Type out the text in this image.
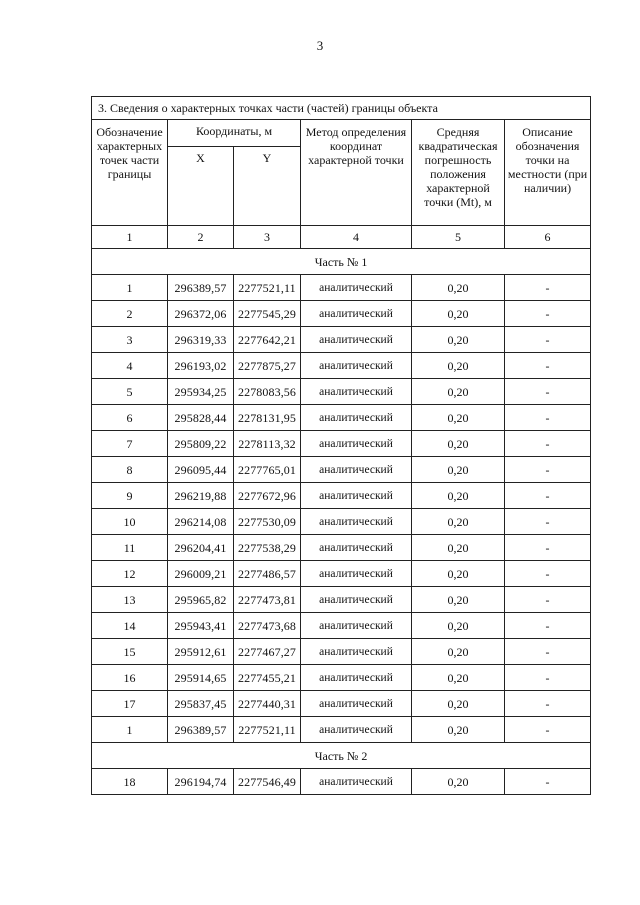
3
3. Сведения о характерных точках части (частей) границы объекта					
Обозначение характерных точек части границы	Координаты, м		Метод определения координат характерной точки	Средняя квадратическая погрешность положения характерной точки (Mt), м	Описание обозначения точки на местности (при наличии)
	X	Y			
1	2	3	4	5	6
Часть № 1					
1	296389,57	2277521,11	аналитический	0,20	-
2	296372,06	2277545,29	аналитический	0,20	-
3	296319,33	2277642,21	аналитический	0,20	-
4	296193,02	2277875,27	аналитический	0,20	-
5	295934,25	2278083,56	аналитический	0,20	-
6	295828,44	2278131,95	аналитический	0,20	-
7	295809,22	2278113,32	аналитический	0,20	-
8	296095,44	2277765,01	аналитический	0,20	-
9	296219,88	2277672,96	аналитический	0,20	-
10	296214,08	2277530,09	аналитический	0,20	-
11	296204,41	2277538,29	аналитический	0,20	-
12	296009,21	2277486,57	аналитический	0,20	-
13	295965,82	2277473,81	аналитический	0,20	-
14	295943,41	2277473,68	аналитический	0,20	-
15	295912,61	2277467,27	аналитический	0,20	-
16	295914,65	2277455,21	аналитический	0,20	-
17	295837,45	2277440,31	аналитический	0,20	-
1	296389,57	2277521,11	аналитический	0,20	-
Часть № 2					
18	296194,74	2277546,49	аналитический	0,20	-
